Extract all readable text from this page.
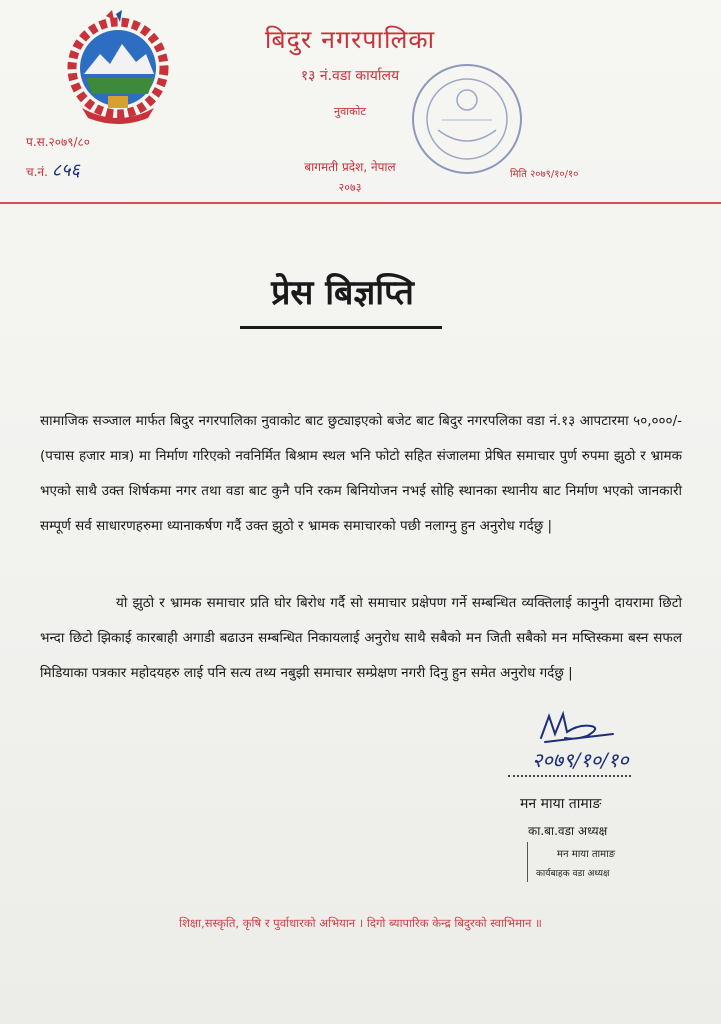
बिदुर नगरपालिका
१३ नं.वडा कार्यालय
नुवाकोट
बागमती प्रदेश, नेपाल
२०७३
प.स.२०७९/८०
च.नं. ८५६	मिति २०७९/१०/१०
प्रेस बिज्ञप्ति
सामाजिक सञ्जाल मार्फत बिदुर नगरपालिका नुवाकोट बाट छुट्याइएको बजेट बाट बिदुर नगरपलिका वडा नं.१३ आपटारमा ५०,०००/-(पचास हजार मात्र) मा निर्माण गरिएको नवनिर्मित बिश्राम स्थल भनि फोटो सहित संजालमा प्रेषित समाचार पुर्ण रुपमा झुठो र भ्रामक भएको साथै उक्त शिर्षकमा नगर तथा वडा बाट कुनै पनि रकम बिनियोजन नभई सोहि स्थानका स्थानीय बाट निर्माण भएको जानकारी सम्पूर्ण सर्व साधारणहरुमा ध्यानाकर्षण गर्दै उक्त झुठो र भ्रामक समाचारको पछी नलाग्नु हुन अनुरोध गर्दछु |
यो झुठो र भ्रामक समाचार प्रति घोर बिरोध गर्दै सो समाचार प्रक्षेपण गर्ने सम्बन्धित व्यक्तिलाई कानुनी दायरामा छिटो भन्दा छिटो झिकाई कारबाही अगाडी बढाउन सम्बन्धित निकायलाई अनुरोध साथै सबैको मन जिती सबैको मन मष्तिस्कमा बस्न सफल मिडियाका पत्रकार महोदयहरु लाई पनि सत्य तथ्य नबुझी समाचार सम्प्रेक्षण नगरी दिनु हुन समेत अनुरोध गर्दछु |
२०७९/१०/१०
मन माया तामाङ
का.बा.वडा अध्यक्ष
मन माया तामाङ
कार्यबाहक वडा अध्यक्ष
शिक्षा,सस्कृति, कृषि र पुर्वाधारको अभियान । दिगो ब्यापारिक केन्द्र बिदुरको स्वाभिमान ॥
